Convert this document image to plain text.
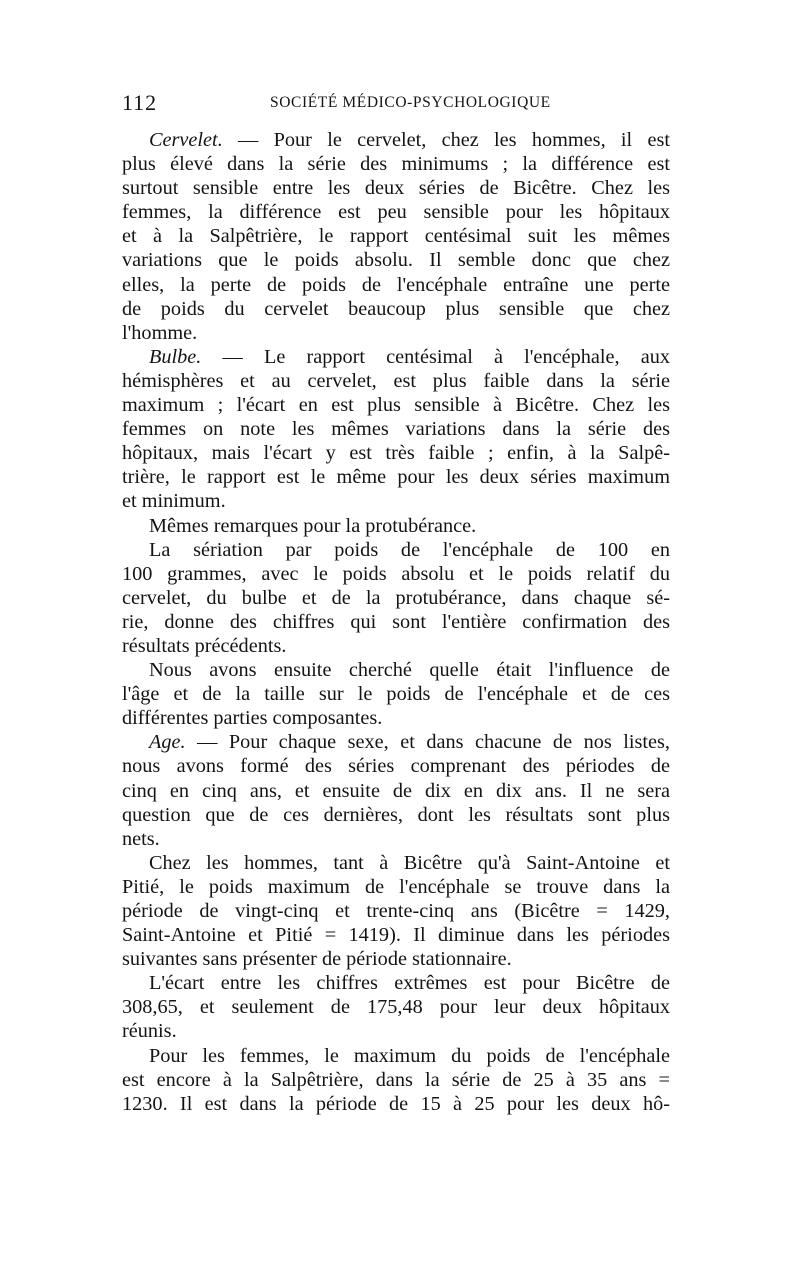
112	SOCIÉTÉ MÉDICO-PSYCHOLOGIQUE
Cervelet. — Pour le cervelet, chez les hommes, il est
plus élevé dans la série des minimums ; la différence est
surtout sensible entre les deux séries de Bicêtre. Chez les
femmes, la différence est peu sensible pour les hôpitaux
et à la Salpêtrière, le rapport centésimal suit les mêmes
variations que le poids absolu. Il semble donc que chez
elles, la perte de poids de l'encéphale entraîne une perte
de poids du cervelet beaucoup plus sensible que chez
l'homme.
Bulbe. — Le rapport centésimal à l'encéphale, aux
hémisphères et au cervelet, est plus faible dans la série
maximum ; l'écart en est plus sensible à Bicêtre. Chez les
femmes on note les mêmes variations dans la série des
hôpitaux, mais l'écart y est très faible ; enfin, à la Salpê-
trière, le rapport est le même pour les deux séries maximum
et minimum.
Mêmes remarques pour la protubérance.
La sériation par poids de l'encéphale de 100 en
100 grammes, avec le poids absolu et le poids relatif du
cervelet, du bulbe et de la protubérance, dans chaque sé-
rie, donne des chiffres qui sont l'entière confirmation des
résultats précédents.
Nous avons ensuite cherché quelle était l'influence de
l'âge et de la taille sur le poids de l'encéphale et de ces
différentes parties composantes.
Age. — Pour chaque sexe, et dans chacune de nos listes,
nous avons formé des séries comprenant des périodes de
cinq en cinq ans, et ensuite de dix en dix ans. Il ne sera
question que de ces dernières, dont les résultats sont plus
nets.
Chez les hommes, tant à Bicêtre qu'à Saint-Antoine et
Pitié, le poids maximum de l'encéphale se trouve dans la
période de vingt-cinq et trente-cinq ans (Bicêtre = 1429,
Saint-Antoine et Pitié = 1419). Il diminue dans les périodes
suivantes sans présenter de période stationnaire.
L'écart entre les chiffres extrêmes est pour Bicêtre de
308,65, et seulement de 175,48 pour leur deux hôpitaux
réunis.
Pour les femmes, le maximum du poids de l'encéphale
est encore à la Salpêtrière, dans la série de 25 à 35 ans =
1230. Il est dans la période de 15 à 25 pour les deux hô-
